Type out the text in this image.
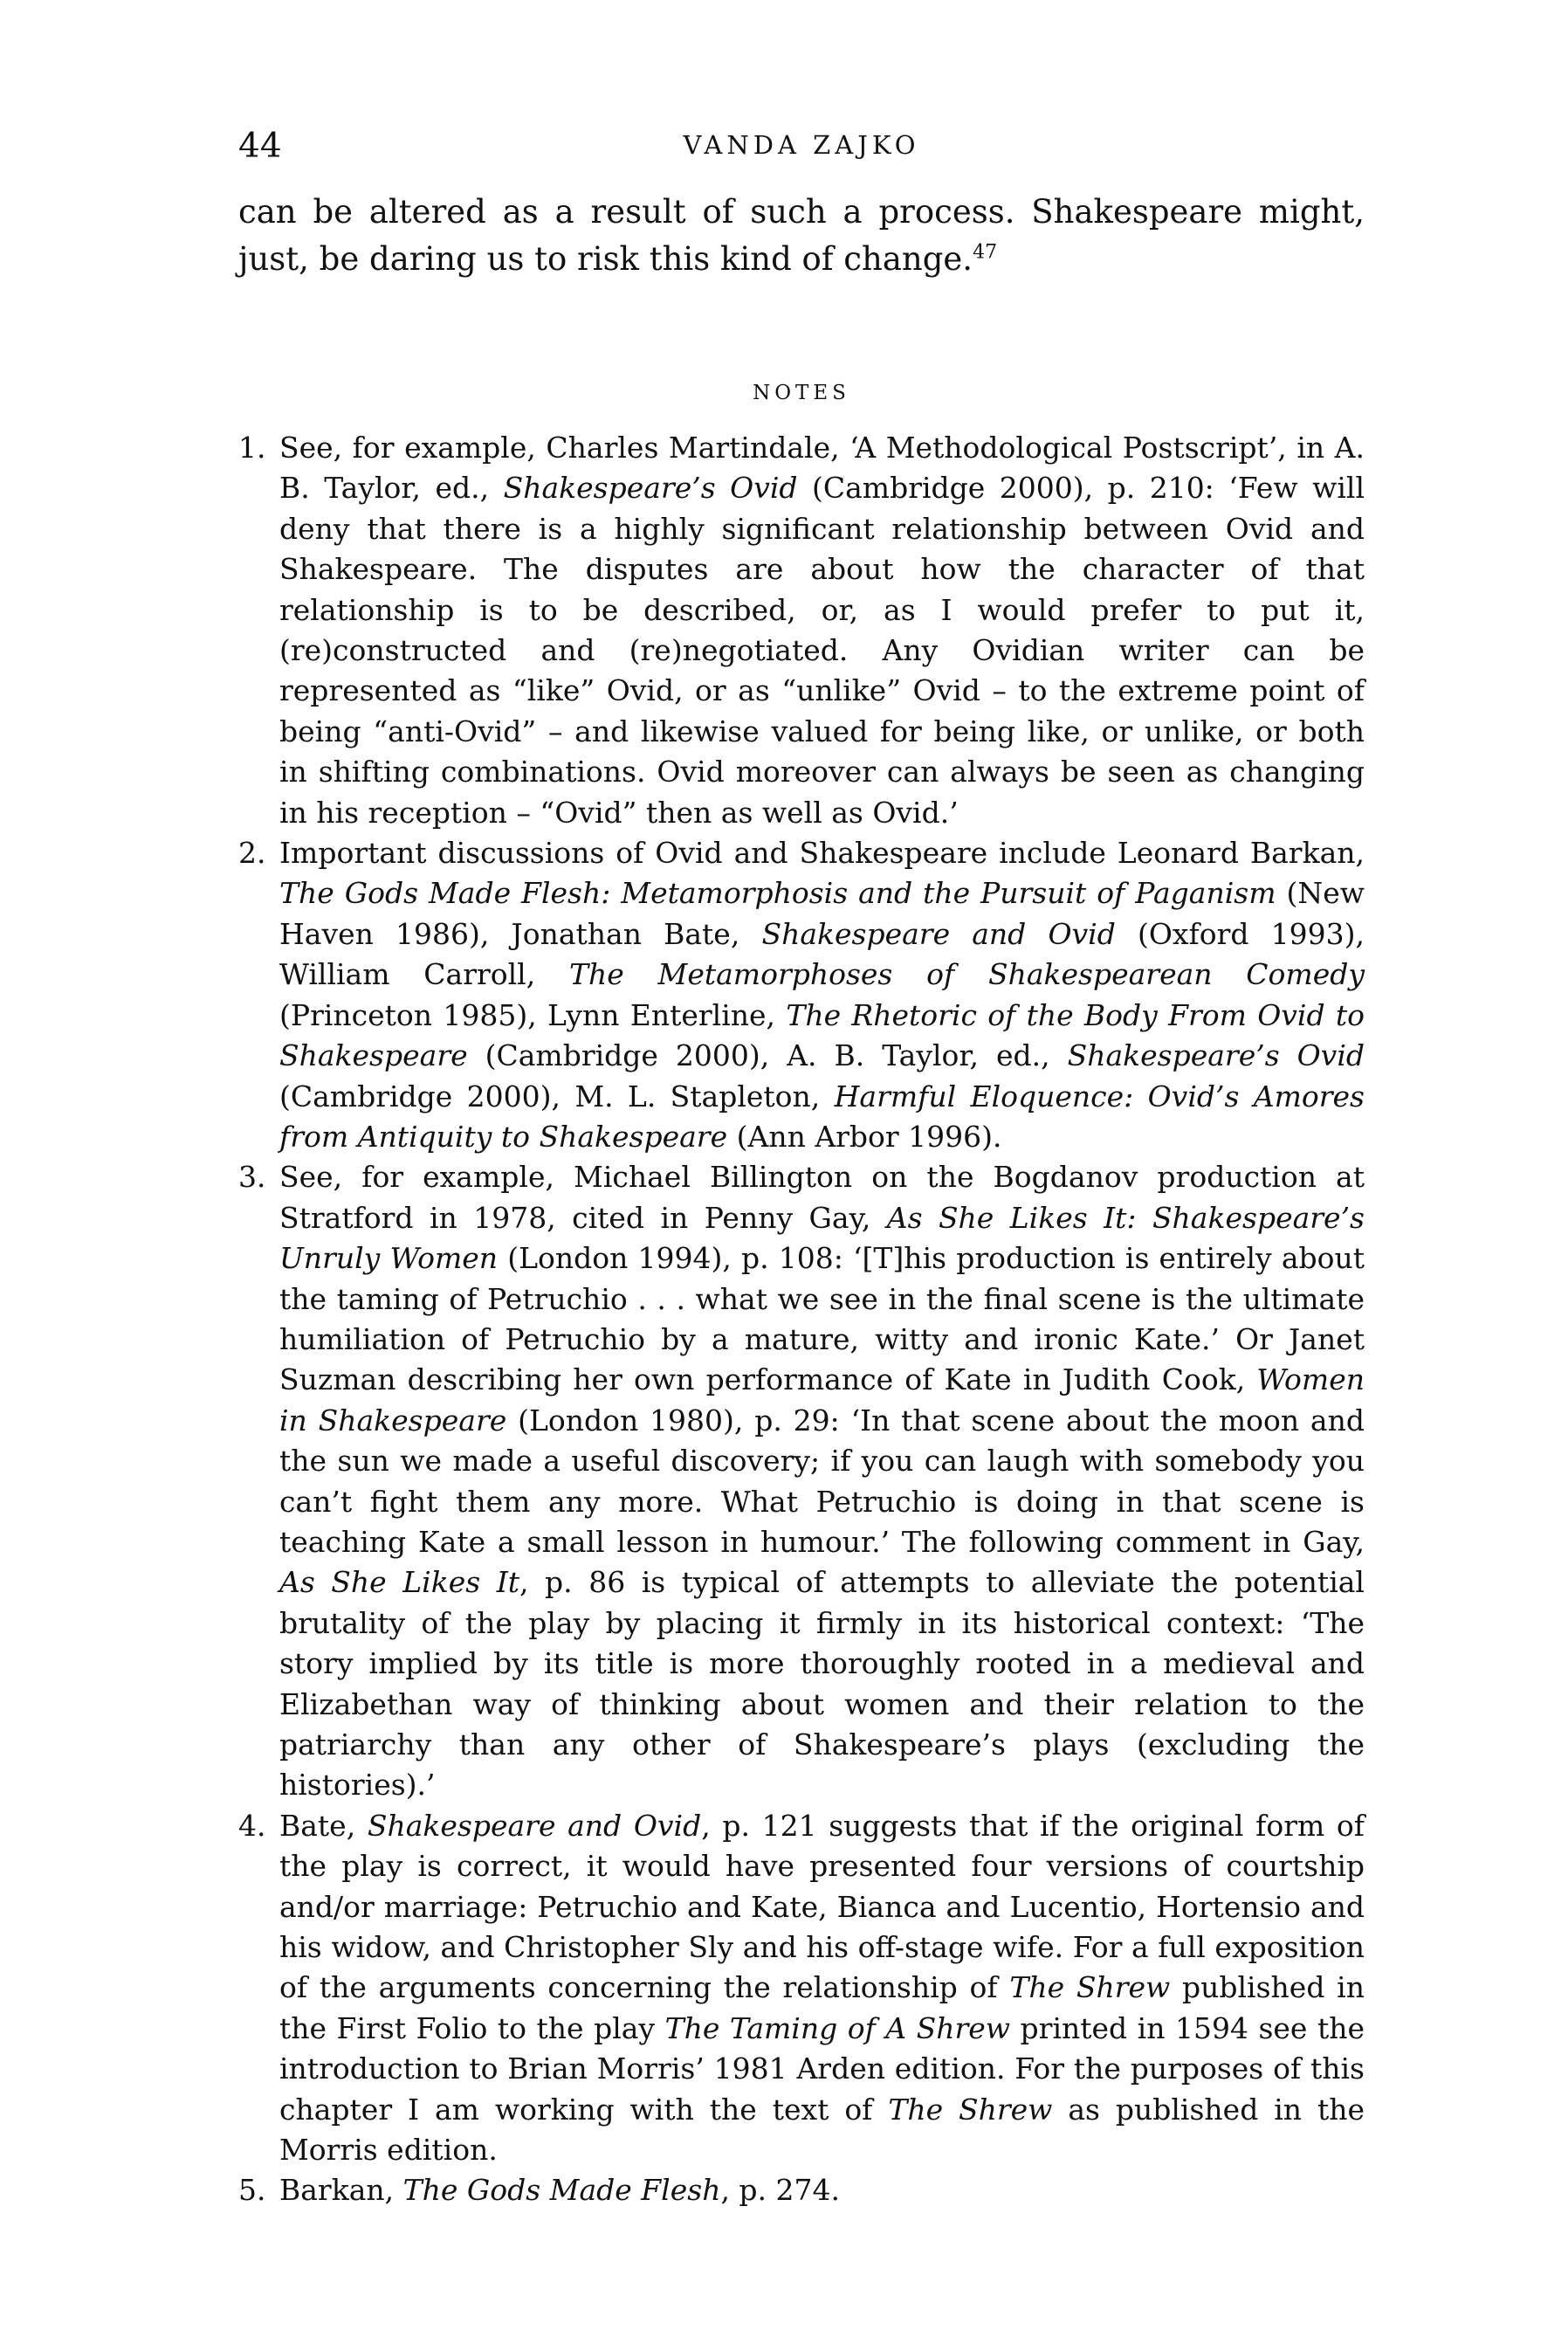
44	VANDA ZAJKO

can be altered as a result of such a process. Shakespeare might, just, be daring us to risk this kind of change.$^{47}$

NOTES
1. See, for example, Charles Martindale, ‘A Methodological Postscript’, in A. B. Taylor, ed., Shakespeare’s Ovid (Cambridge 2000), p. 210: ‘Few will deny that there is a highly significant relationship between Ovid and Shakespeare. The disputes are about how the character of that relationship is to be described, or, as I would prefer to put it, (re)constructed and (re)negotiated. Any Ovidian writer can be represented as “like” Ovid, or as “unlike” Ovid – to the extreme point of being “anti-Ovid” – and likewise valued for being like, or unlike, or both in shifting combinations. Ovid moreover can always be seen as changing in his reception – “Ovid” then as well as Ovid.’
2. Important discussions of Ovid and Shakespeare include Leonard Barkan, The Gods Made Flesh: Metamorphosis and the Pursuit of Paganism (New Haven 1986), Jonathan Bate, Shakespeare and Ovid (Oxford 1993), William Carroll, The Metamorphoses of Shakespearean Comedy (Princeton 1985), Lynn Enterline, The Rhetoric of the Body From Ovid to Shakespeare (Cambridge 2000), A. B. Taylor, ed., Shakespeare’s Ovid (Cambridge 2000), M. L. Stapleton, Harmful Eloquence: Ovid’s Amores from Antiquity to Shakespeare (Ann Arbor 1996).
3. See, for example, Michael Billington on the Bogdanov production at Stratford in 1978, cited in Penny Gay, As She Likes It: Shakespeare’s Unruly Women (London 1994), p. 108: ‘[T]his production is entirely about the taming of Petruchio . . . what we see in the final scene is the ultimate humiliation of Petruchio by a mature, witty and ironic Kate.’ Or Janet Suzman describing her own performance of Kate in Judith Cook, Women in Shakespeare (London 1980), p. 29: ‘In that scene about the moon and the sun we made a useful discovery; if you can laugh with somebody you can’t fight them any more. What Petruchio is doing in that scene is teaching Kate a small lesson in humour.’ The following comment in Gay, As She Likes It, p. 86 is typical of attempts to alleviate the potential brutality of the play by placing it firmly in its historical context: ‘The story implied by its title is more thoroughly rooted in a medieval and Elizabethan way of thinking about women and their relation to the patriarchy than any other of Shakespeare’s plays (excluding the histories).’
4. Bate, Shakespeare and Ovid, p. 121 suggests that if the original form of the play is correct, it would have presented four versions of courtship and/or marriage: Petruchio and Kate, Bianca and Lucentio, Hortensio and his widow, and Christopher Sly and his off-stage wife. For a full exposition of the arguments concerning the relationship of The Shrew published in the First Folio to the play The Taming of A Shrew printed in 1594 see the introduction to Brian Morris’ 1981 Arden edition. For the purposes of this chapter I am working with the text of The Shrew as published in the Morris edition.
5. Barkan, The Gods Made Flesh, p. 274.
